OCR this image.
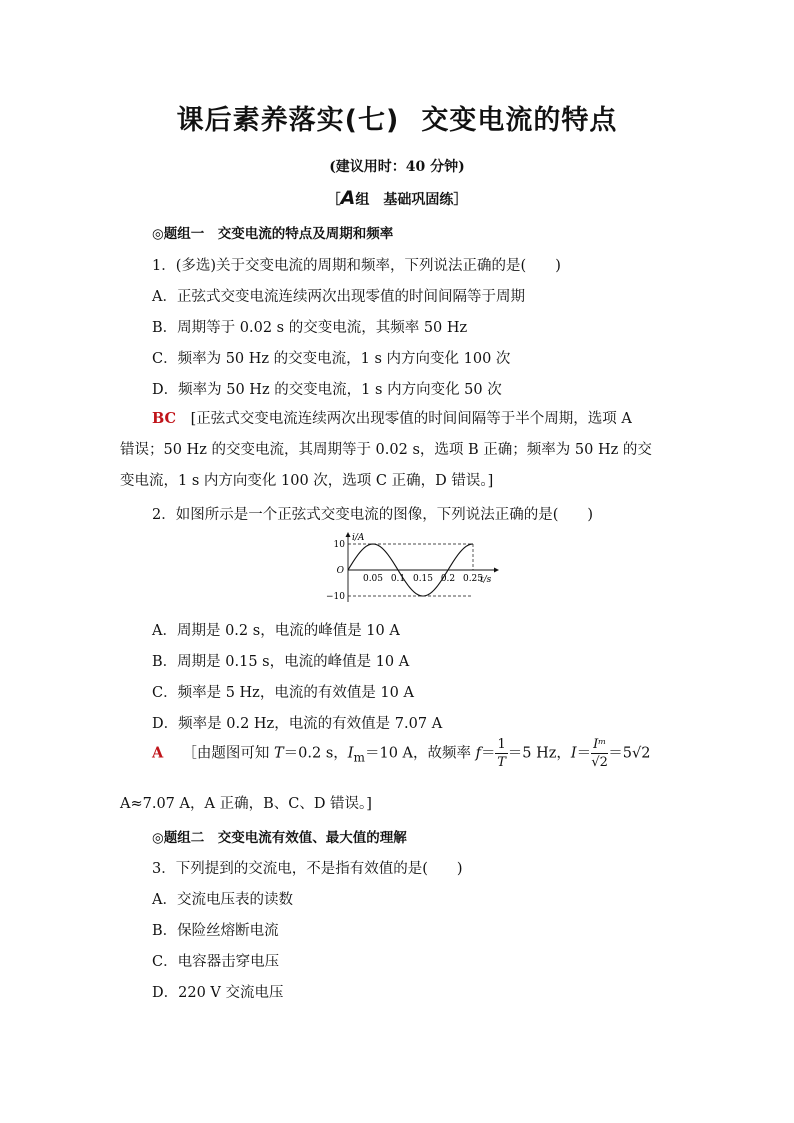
课后素养落实(七) 交变电流的特点
(建议用时：40 分钟)
［A组　基础巩固练］
◎题组一　交变电流的特点及周期和频率
1．(多选)关于交变电流的周期和频率，下列说法正确的是(　　)
A．正弦式交变电流连续两次出现零值的时间间隔等于周期
B．周期等于 0.02 s 的交变电流，其频率 50 Hz
C．频率为 50 Hz 的交变电流，1 s 内方向变化 100 次
D．频率为 50 Hz 的交变电流，1 s 内方向变化 50 次
BC　 [正弦式交变电流连续两次出现零值的时间间隔等于半个周期，选项 A
错误；50 Hz 的交变电流，其周期等于 0.02 s，选项 B 正确；频率为 50 Hz 的交
变电流，1 s 内方向变化 100 次，选项 C 正确，D 错误。]
2．如图所示是一个正弦式交变电流的图像，下列说法正确的是(　　)
i/A
t/s
10
O
−10
0.05 0.1 0.15 0.2 0.25
A．周期是 0.2 s，电流的峰值是 10 A
B．周期是 0.15 s，电流的峰值是 10 A
C．频率是 5 Hz，电流的有效值是 10 A
D．频率是 0.2 Hz，电流的有效值是 7.07 A
A　 ［由题图可知 T＝0.2 s，$I_m=10$ A，故频率 $f= \frac{1}{T} =5$ Hz，$I= \frac{\text{Iᵐ}}{√2} =5√2$
A≈7.07 A，A 正确，B、C、D 错误。]
◎题组二　交变电流有效值、最大值的理解
3．下列提到的交流电，不是指有效值的是(　　)
A．交流电压表的读数
B．保险丝熔断电流
C．电容器击穿电压
D．220 V 交流电压
